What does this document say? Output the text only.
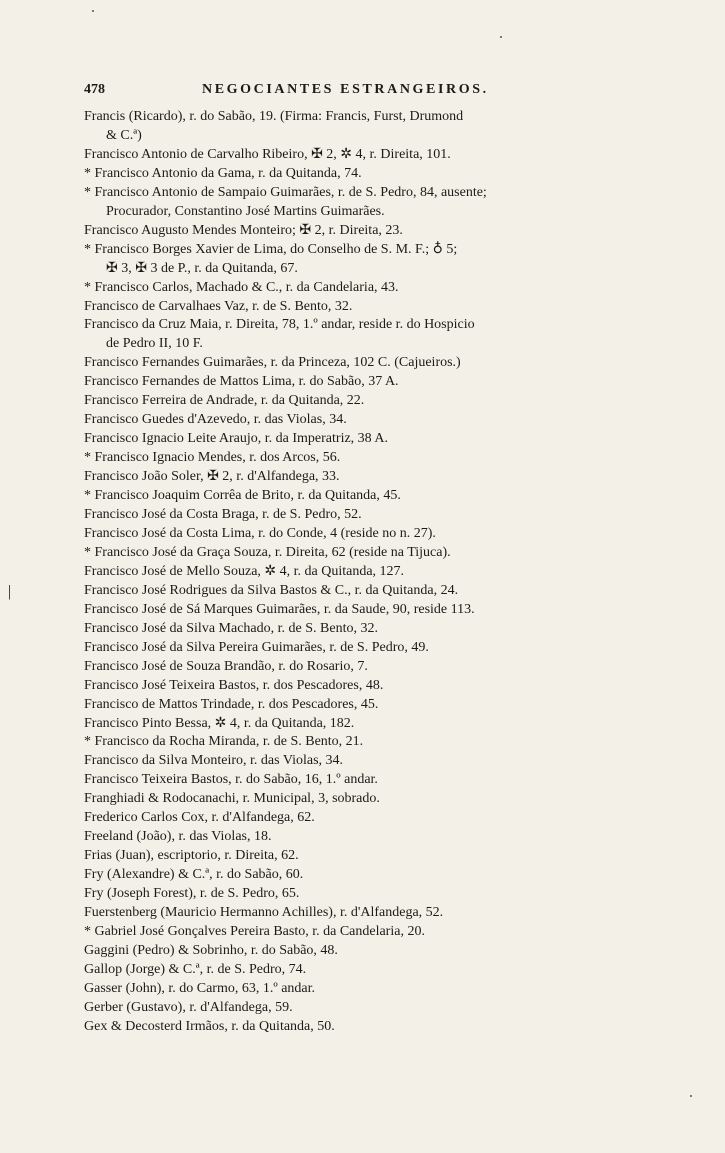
478	NEGOCIANTES ESTRANGEIROS.
|
Francis (Ricardo), r. do Sabão, 19. (Firma: Francis, Furst, Drumond
& C.ª)
Francisco Antonio de Carvalho Ribeiro, ✠ 2, ✲ 4, r. Direita, 101.
* Francisco Antonio da Gama, r. da Quitanda, 74.
* Francisco Antonio de Sampaio Guimarães, r. de S. Pedro, 84, ausente;
Procurador, Constantino José Martins Guimarães.
Francisco Augusto Mendes Monteiro; ✠ 2, r. Direita, 23.
* Francisco Borges Xavier de Lima, do Conselho de S. M. F.; ♁ 5;
✠ 3, ✠ 3 de P., r. da Quitanda, 67.
* Francisco Carlos, Machado & C., r. da Candelaria, 43.
Francisco de Carvalhaes Vaz, r. de S. Bento, 32.
Francisco da Cruz Maia, r. Direita, 78, 1.º andar, reside r. do Hospicio
de Pedro II, 10 F.
Francisco Fernandes Guimarães, r. da Princeza, 102 C. (Cajueiros.)
Francisco Fernandes de Mattos Lima, r. do Sabão, 37 A.
Francisco Ferreira de Andrade, r. da Quitanda, 22.
Francisco Guedes d'Azevedo, r. das Violas, 34.
Francisco Ignacio Leite Araujo, r. da Imperatriz, 38 A.
* Francisco Ignacio Mendes, r. dos Arcos, 56.
Francisco João Soler, ✠ 2, r. d'Alfandega, 33.
* Francisco Joaquim Corrêa de Brito, r. da Quitanda, 45.
Francisco José da Costa Braga, r. de S. Pedro, 52.
Francisco José da Costa Lima, r. do Conde, 4 (reside no n. 27).
* Francisco José da Graça Souza, r. Direita, 62 (reside na Tijuca).
Francisco José de Mello Souza, ✲ 4, r. da Quitanda, 127.
Francisco José Rodrigues da Silva Bastos & C., r. da Quitanda, 24.
Francisco José de Sá Marques Guimarães, r. da Saude, 90, reside 113.
Francisco José da Silva Machado, r. de S. Bento, 32.
Francisco José da Silva Pereira Guimarães, r. de S. Pedro, 49.
Francisco José de Souza Brandão, r. do Rosario, 7.
Francisco José Teixeira Bastos, r. dos Pescadores, 48.
Francisco de Mattos Trindade, r. dos Pescadores, 45.
Francisco Pinto Bessa, ✲ 4, r. da Quitanda, 182.
* Francisco da Rocha Miranda, r. de S. Bento, 21.
Francisco da Silva Monteiro, r. das Violas, 34.
Francisco Teixeira Bastos, r. do Sabão, 16, 1.º andar.
Franghiadi & Rodocanachi, r. Municipal, 3, sobrado.
Frederico Carlos Cox, r. d'Alfandega, 62.
Freeland (João), r. das Violas, 18.
Frias (Juan), escriptorio, r. Direita, 62.
Fry (Alexandre) & C.ª, r. do Sabão, 60.
Fry (Joseph Forest), r. de S. Pedro, 65.
Fuerstenberg (Mauricio Hermanno Achilles), r. d'Alfandega, 52.
* Gabriel José Gonçalves Pereira Basto, r. da Candelaria, 20.
Gaggini (Pedro) & Sobrinho, r. do Sabão, 48.
Gallop (Jorge) & C.ª, r. de S. Pedro, 74.
Gasser (John), r. do Carmo, 63, 1.º andar.
Gerber (Gustavo), r. d'Alfandega, 59.
Gex & Decosterd Irmãos, r. da Quitanda, 50.
